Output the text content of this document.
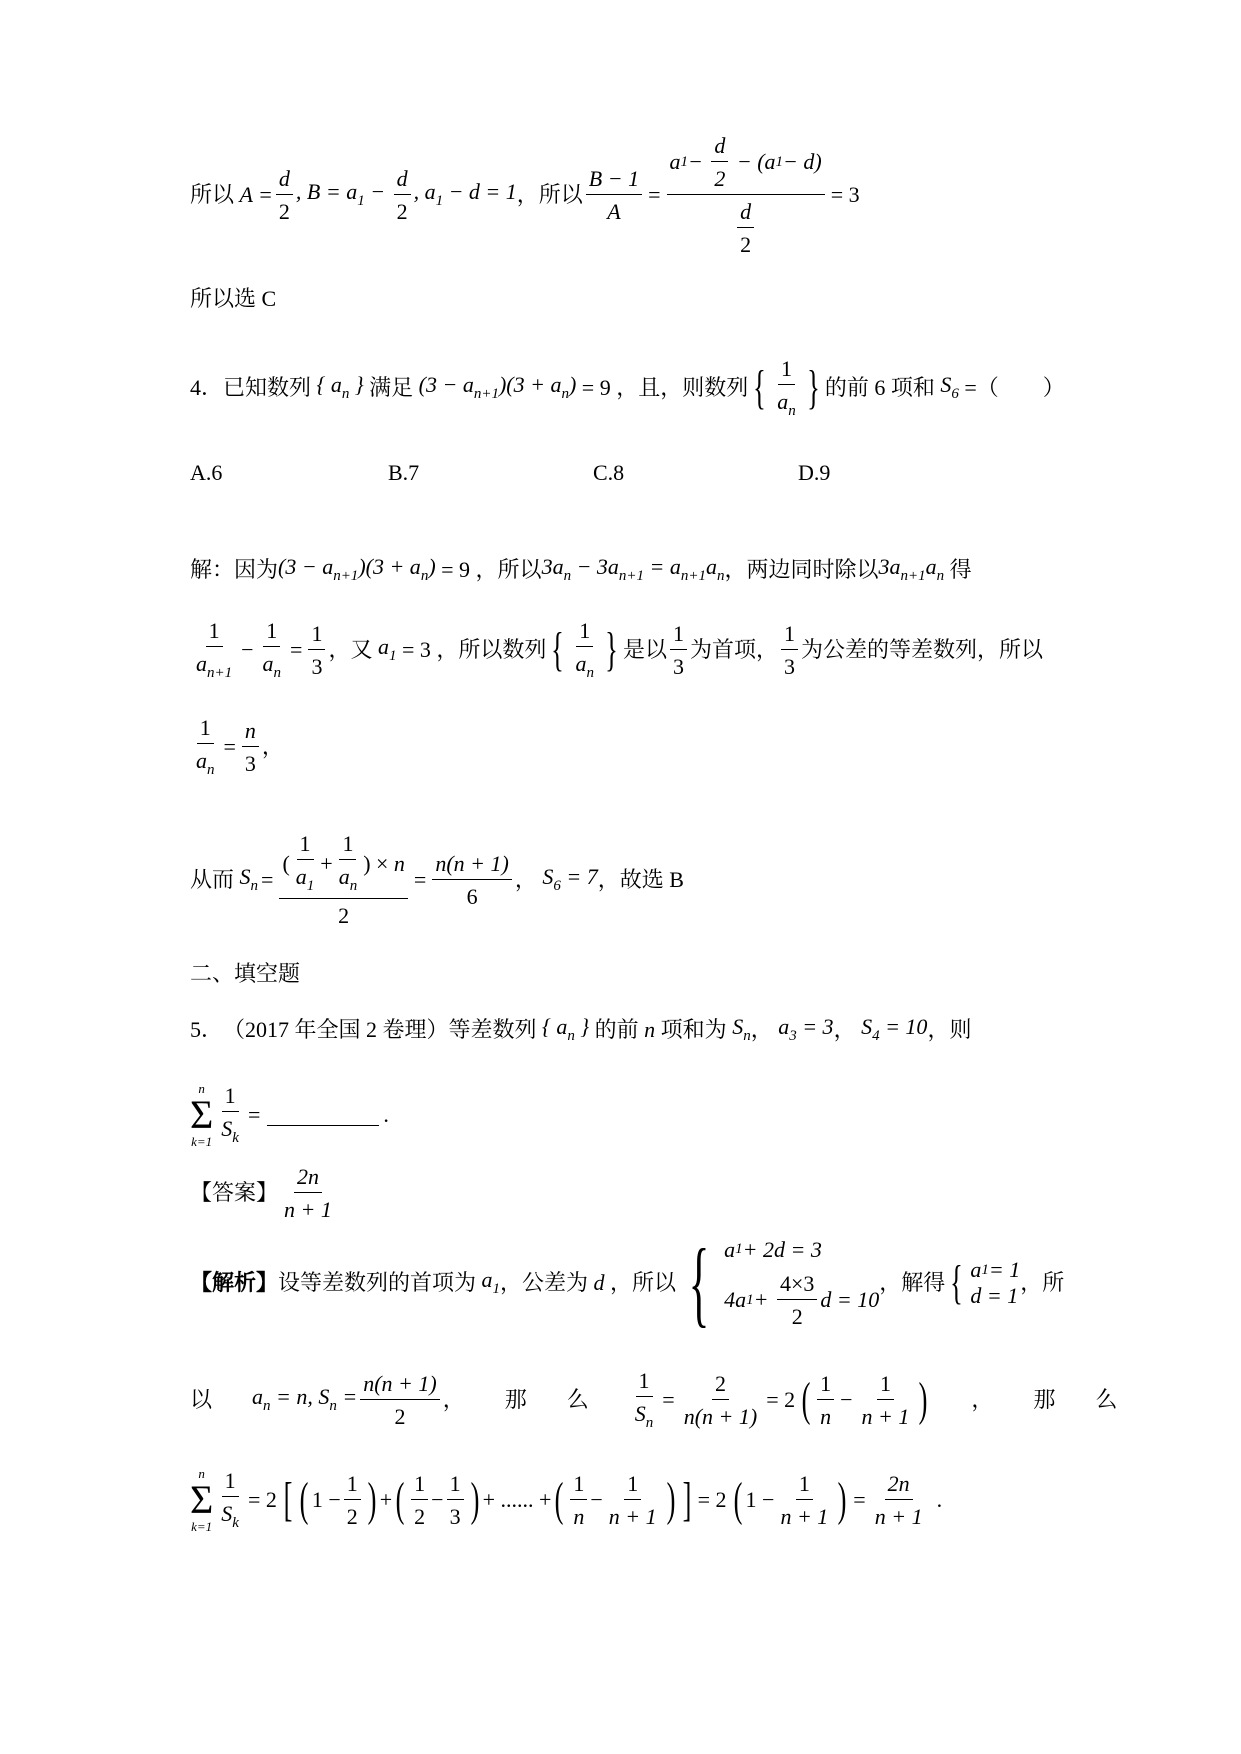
所以 $A = \frac{d}{2}$ , $B = a_1 - \frac{d}{2}$ , $a_1 - d = 1$ ，所以 $\frac{B - 1}{A} = \frac{a 1 - \frac{d}{2} - (a 1 - d)}{\frac{d}{2}} = 3$
所以选 C
4． 已知数列 { $a_n$ } 满足 $(3 - a_{n+1})(3 + a_n) = 9$ ，且，则数列 { $\frac{1}{a_n}$ } 的前 6 项和 $S_6$ =（　　）
A.6	B.7	C.8	D.9
解：因为 $(3 - a_{n+1})(3 + a_n) = 9$ ，所以 $3a_n - 3a_{n+1} = a_{n+1}a_n$ ，两边同时除以 $3a_{n+1}a_n$ 得
$\frac{1}{a_{n+1}} - \frac{1}{a_n} = \frac{1}{3}$ ，又 $a_1 = 3$ ，所以数列 { $\frac{1}{a_n}$ } 是以 $\frac{1}{3}$ 为首项， $\frac{1}{3}$ 为公差的等差数列，所以
$\frac{1}{a_n} = \frac{n}{3}$ ，
从而 $S_n = \frac{( \frac{1}{a_1} + \frac{1}{a_n} ) \times n}{2} = \frac{n(n + 1)}{6}$ ， $S_6 = 7$ ，故选 B
二、填空题
5． （2017 年全国 2 卷理）等差数列 { $a_n$ } 的前 n 项和为 $S_n$ ， $a_3 = 3$ ， $S_4 = 10$ ，则
n
Σ
$k=1 \frac{1}{S_k}$ =	.
【答案】 $\frac{2n}{n + 1}$
【解析】 设等差数列的首项为 $a_1$ ，公差为 d ，所以 { a 1 + 2d = 3
4a $1 + \frac{4\times 3}{2}$ d = 10
，解得 { a 1 = 1
d = 1
，所
以 $a_n = n$, $S_n = \frac{n(n + 1)}{2}$ ， 那 么 $\frac{1}{S_n} = \frac{2}{n(n + 1)} = 2$ ( $\frac{1}{n} - \frac{1}{n + 1}$ ) ， 那 么
n
Σ
$k=1 \frac{1}{S_k} = 2$ [ ( $1 - \frac{1}{2}$ ) + ( $\frac{1}{2} - \frac{1}{3}$ ) + ...... + ( $\frac{1}{n} - \frac{1}{n + 1}$ ) ] = 2 ( $1 - \frac{1}{n + 1}$ ) = $\frac{2n}{n + 1}$ .
